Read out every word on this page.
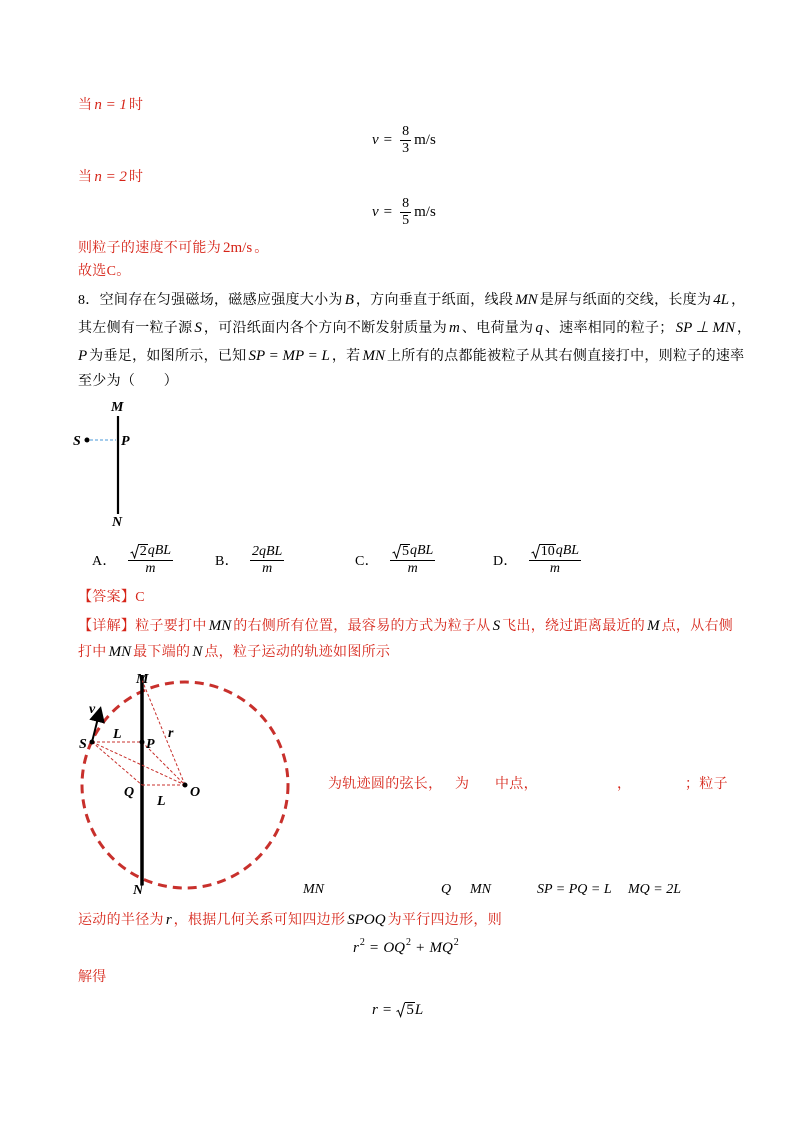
当 n = 1 时
$v = \frac{8}{3} m/s$
当 n = 2 时
$v = \frac{8}{5} m/s$
则粒子的速度不可能为 2m/s 。
故选C。
8．空间存在匀强磁场，磁感应强度大小为 B ，方向垂直于纸面，线段 MN 是屏与纸面的交线，长度为 4L ，
其左侧有一粒子源 S ，可沿纸面内各个方向不断发射质量为 m 、电荷量为 q 、速率相同的粒子； SP ⊥ MN ，
P 为垂足，如图所示，已知 SP = MP = L ，若 MN 上所有的点都能被粒子从其右侧直接打中，则粒子的速率
至少为（　　）
M
S	P
N
A． $\frac{\text{2 qBL}}{m}$	B． $\frac{\text{2qBL}}{m}$	C． $\frac{\text{5 qBL}}{m}$	D． $\frac{\text{10 qBL}}{m}$
【答案】C
【详解】粒子要打中 MN 的右侧所有位置，最容易的方式为粒子从 S 飞出，绕过距离最近的 M 点，从右侧
打中 MN 最下端的 N 点，粒子运动的轨迹如图所示
M
v
L	r
S	P
Q
L
O
N
为轨迹圆的弦长， 为 中点，	，	；粒子
MN	Q MN	SP = PQ = L MQ = 2L
运动的半径为 r ，根据几何关系可知四边形 SPOQ 为平行四边形，则
r 2 = OQ 2 + MQ 2
解得
r = 5 L
